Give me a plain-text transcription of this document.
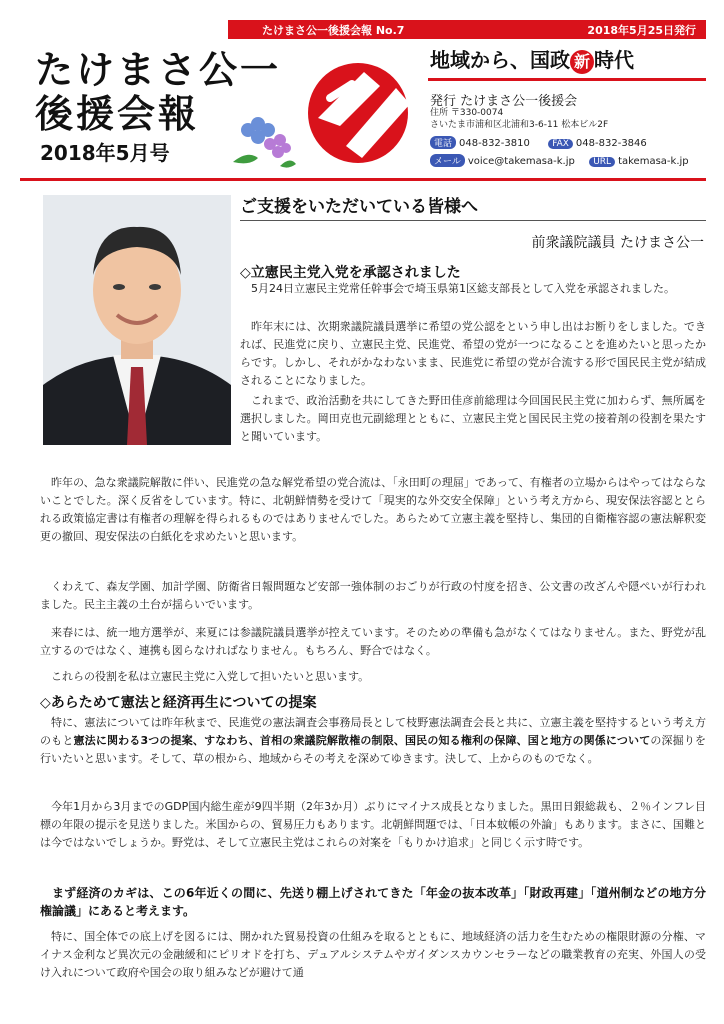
たけまさ公一後援会報 No.7	2018年5月25日発行
たけまさ公一
後援会報
2018年5月号
地域から、国政 新 時代
発行 たけまさ公一後援会
住所 〒330-0074
さいたま市浦和区北浦和3-6-11 松本ビル2F
電話 048-832-3810 FAX 048-832-3846
メール voice@takemasa-k.jp URL takemasa-k.jp
ご支援をいただいている皆様へ
前衆議院議員 たけまさ公一
◇立憲民主党入党を承認されました
5月24日立憲民主党常任幹事会で埼玉県第1区総支部長として入党を承認されました。
昨年末には、次期衆議院議員選挙に希望の党公認をという申し出はお断りをしました。できれば、民進党に戻り、立憲民主党、民進党、希望の党が一つになることを進めたいと思ったからです。しかし、それがかなわないまま、民進党に希望の党が合流する形で国民民主党が結成されることになりました。
これまで、政治活動を共にしてきた野田佳彦前総理は今回国民民主党に加わらず、無所属を選択しました。岡田克也元副総理とともに、立憲民主党と国民民主党の接着剤の役割を果たすと聞いています。
昨年の、急な衆議院解散に伴い、民進党の急な解党希望の党合流は、「永田町の理屈」であって、有権者の立場からはやってはならないことでした。深く反省をしています。特に、北朝鮮情勢を受けて「現実的な外交安全保障」という考え方から、現安保法容認ととられる政策協定書は有権者の理解を得られるものではありませんでした。あらためて立憲主義を堅持し、集団的自衛権容認の憲法解釈変更の撤回、現安保法の白紙化を求めたいと思います。
くわえて、森友学園、加計学園、防衛省日報問題など安部一強体制のおごりが行政の忖度を招き、公文書の改ざんや隠ぺいが行われました。民主主義の土台が揺らいでいます。
来春には、統一地方選挙が、来夏には参議院議員選挙が控えています。そのための準備も急がなくてはなりません。また、野党が乱立するのではなく、連携も図らなければなりません。もちろん、野合ではなく。
これらの役割を私は立憲民主党に入党して担いたいと思います。
◇あらためて憲法と経済再生についての提案
特に、憲法については昨年秋まで、民進党の憲法調査会事務局長として枝野憲法調査会長と共に、立憲主義を堅持するという考え方のもと憲法に関わる3つの提案、すなわち、首相の衆議院解散権の制限、国民の知る権利の保障、国と地方の関係についての深掘りを行いたいと思います。そして、草の根から、地域からその考えを深めてゆきます。決して、上からのものでなく。
今年1月から3月までのGDP国内総生産が9四半期（2年3か月）ぶりにマイナス成長となりました。黒田日銀総裁も、２％インフレ目標の年限の提示を見送りました。米国からの、貿易圧力もあります。北朝鮮問題では、「日本蚊帳の外論」もあります。まさに、国難とは今ではないでしょうか。野党は、そして立憲民主党はこれらの対案を「もりかけ追求」と同じく示す時です。
まず経済のカギは、この6年近くの間に、先送り棚上げされてきた「年金の抜本改革」「財政再建」「道州制などの地方分権論議」にあると考えます。
特に、国全体での底上げを図るには、開かれた貿易投資の仕組みを取るとともに、地域経済の活力を生むための権限財源の分権、マイナス金利など異次元の金融緩和にピリオドを打ち、デュアルシステムやガイダンスカウンセラーなどの職業教育の充実、外国人の受け入れについて政府や国会の取り組みなどが避けて通
